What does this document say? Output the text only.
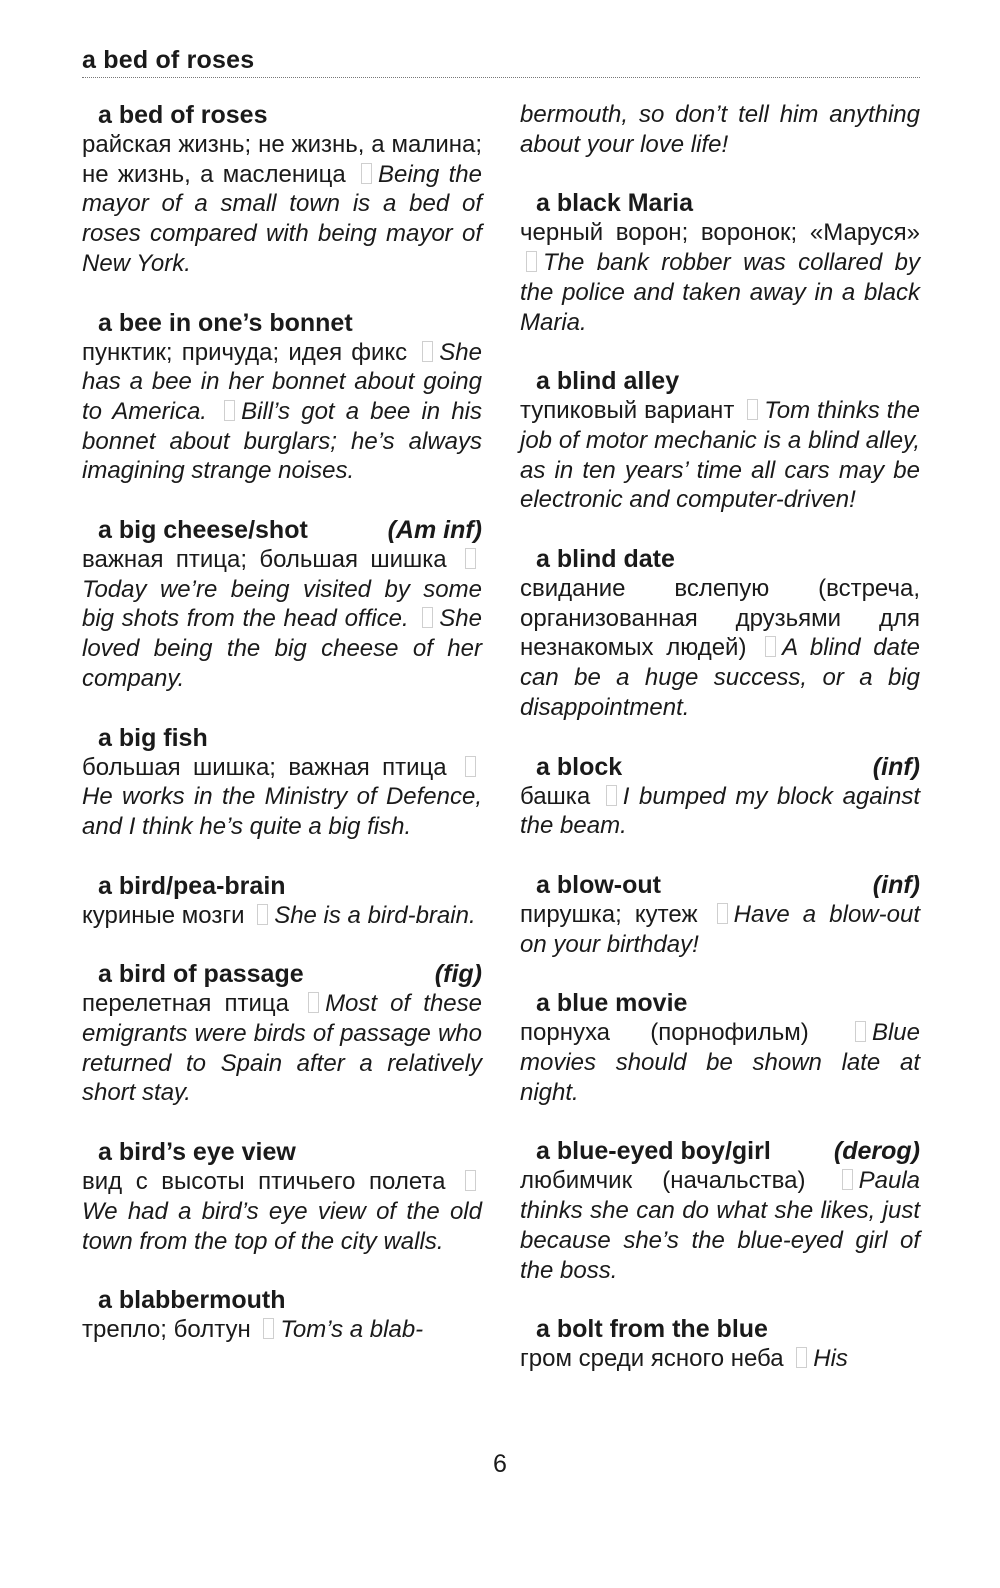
a bed of roses
a bed of roses
райская жизнь; не жизнь, а малина; не жизнь, а масленица Being the mayor of a small town is a bed of roses compared with being mayor of New York.
a bee in one’s bonnet
пунктик; причуда; идея фикс She has a bee in her bonnet about going to America. Bill’s got a bee in his bonnet about burglars; he’s always imagining strange noises.
a big cheese/shot	(Am inf)
важная птица; большая шишка Today we’re being visited by some big shots from the head office. She loved being the big cheese of her company.
a big fish
большая шишка; важная птица He works in the Ministry of Defence, and I think he’s quite a big fish.
a bird/pea-brain
куриные мозги She is a bird-brain.
a bird of passage	(fig)
перелетная птица Most of these emigrants were birds of passage who returned to Spain after a relatively short stay.
a bird’s eye view
вид с высоты птичьего полета We had a bird’s eye view of the old town from the top of the city walls.
a blabbermouth
трепло; болтун Tom’s a blab-
bermouth, so don’t tell him anything about your love life!
a black Maria
черный ворон; воронок; «Маруся» The bank robber was collared by the police and taken away in a black Maria.
a blind alley
тупиковый вариант Tom thinks the job of motor mechanic is a blind alley, as in ten years’ time all cars may be electronic and computer-driven!
a blind date
свидание вслепую (встреча, организованная друзьями для незнакомых людей) A blind date can be a huge success, or a big disappointment.
a block	(inf)
башка I bumped my block against the beam.
a blow-out	(inf)
пирушка; кутеж Have a blow-out on your birthday!
a blue movie
порнуха (порнофильм)	Blue movies should be shown late at night.
a blue-eyed boy/girl	(derog)
любимчик (начальства) Paula thinks she can do what she likes, just because she’s the blue-eyed girl of the boss.
a bolt from the blue
гром среди ясного неба His
6
